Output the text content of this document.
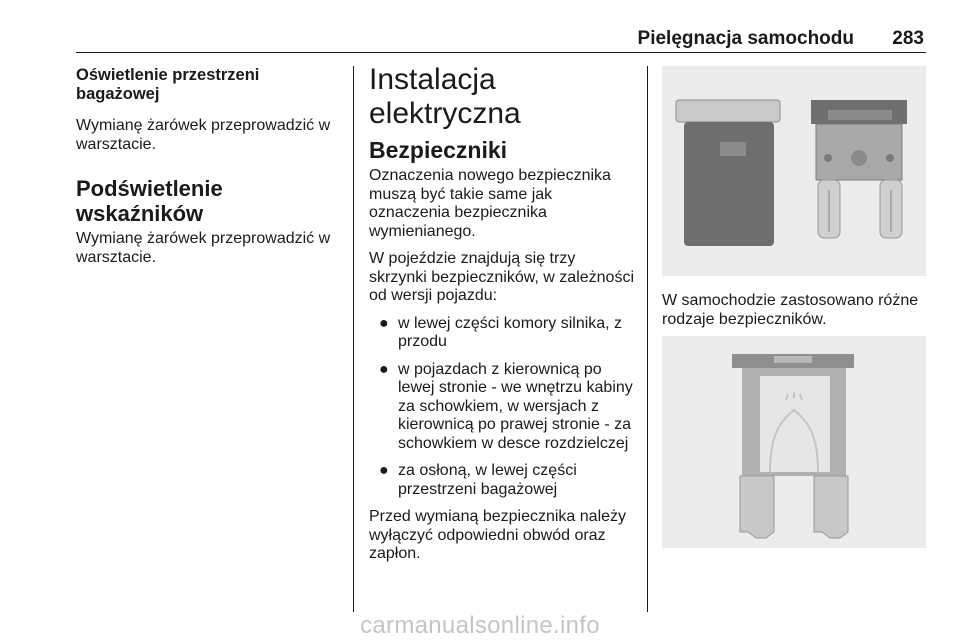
Pielęgnacja samochodu 283

Oświetlenie przestrzeni bagażowej

Wymianę żarówek przeprowadzić w warsztacie.

Podświetlenie wskaźników

Wymianę żarówek przeprowadzić w warsztacie.

Instalacja elektryczna

Bezpieczniki

Oznaczenia nowego bezpiecznika muszą być takie same jak oznaczenia bezpiecznika wymienianego.

W pojeździe znajdują się trzy skrzynki bezpieczników, w zależności od wersji pojazdu:

● w lewej części komory silnika, z przodu
● w pojazdach z kierownicą po lewej stronie - we wnętrzu kabiny za schowkiem, w wersjach z kierownicą po prawej stronie - za schowkiem w desce rozdzielczej
● za osłoną, w lewej części przestrzeni bagażowej

Przed wymianą bezpiecznika należy wyłączyć odpowiedni obwód oraz zapłon.

W samochodzie zastosowano różne rodzaje bezpieczników.

carmanualsonline.info
